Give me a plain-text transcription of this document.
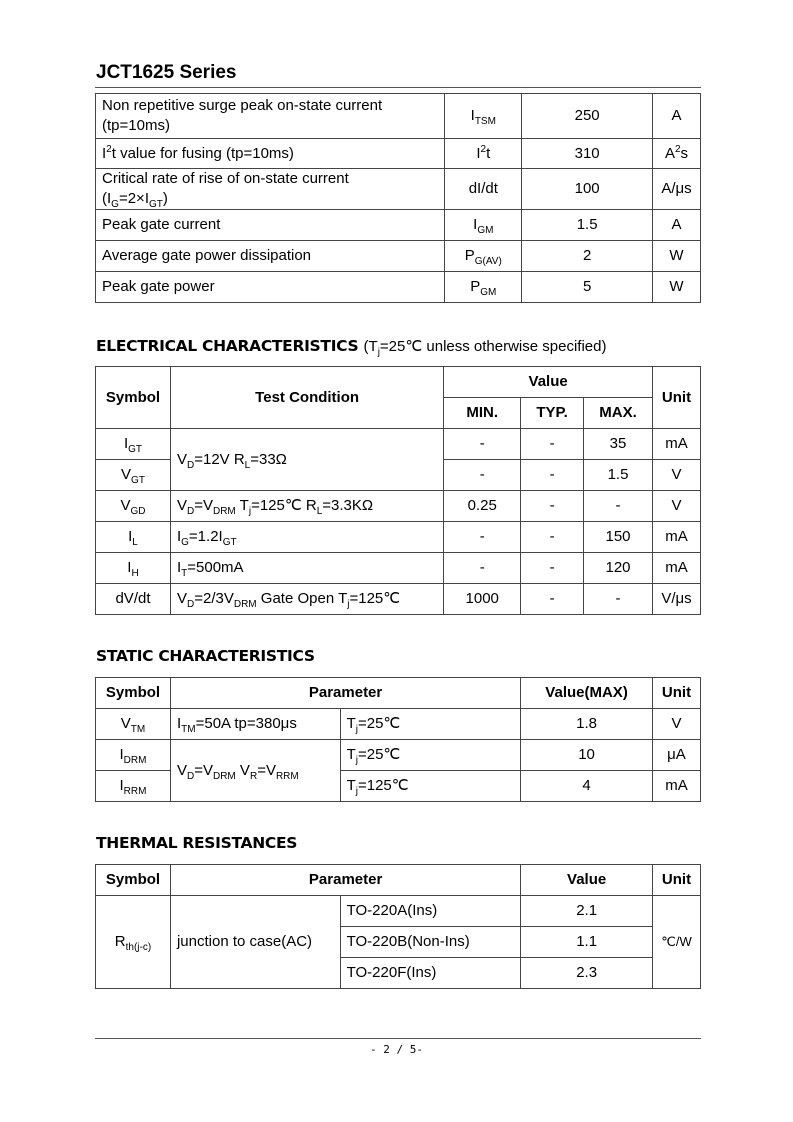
JCT1625 Series
Non repetitive surge peak on-state current
(tp=10ms)	$I_{TSM}$	250	A
$I^2t$ value for fusing (tp=10ms)	$I^2t$	310	$A^2s$
Critical rate of rise of on-state current
$(I_G=2\times I_{GT})$	dI/dt	100	A/μs
Peak gate current	$I_{GM}$	1.5	A
Average gate power dissipation	$P_{G(AV)}$	2	W
Peak gate power	$P_{GM}$	5	W
ELECTRICAL CHARACTERISTICS ($T_j=25℃$ unless otherwise specified)
Symbol	Test Condition	Value			Unit
		MIN.	TYP.	MAX.	
$I_{GT}$	$V_D=12V$ $R_L=33\Omega$	-	-	35	mA
$V_{GT}$		-	-	1.5	V
$V_{GD}$	$V_D=V_{DRM}$ $T_j=125℃$ $R_L=3.3K\Omega$	0.25	-	-	V
$I_L$	$I_G=1.2I_{GT}$	-	-	150	mA
$I_H$	$I_T=500mA$	-	-	120	mA
dV/dt	$V_D=2/3V_{DRM}$ Gate Open $T_j=125℃$	1000	-	-	V/μs
STATIC CHARACTERISTICS
Symbol	Parameter		Value(MAX)	Unit
$V_{TM}$	$I_{TM}=50A$ tp=380μs	$T_j=25℃$	1.8	V
$I_{DRM}$	$V_D=V_{DRM}$ $V_R=V_{RRM}$	$T_j=25℃$	10	μA
$I_{RRM}$		$T_j=125℃$	4	mA
THERMAL RESISTANCES
Symbol	Parameter		Value	Unit
$R_{th(j-c)}$	junction to case(AC)	TO-220A(Ins)	2.1	℃/W
		TO-220B(Non-Ins)	1.1	
		TO-220F(Ins)	2.3	
- 2 / 5-
